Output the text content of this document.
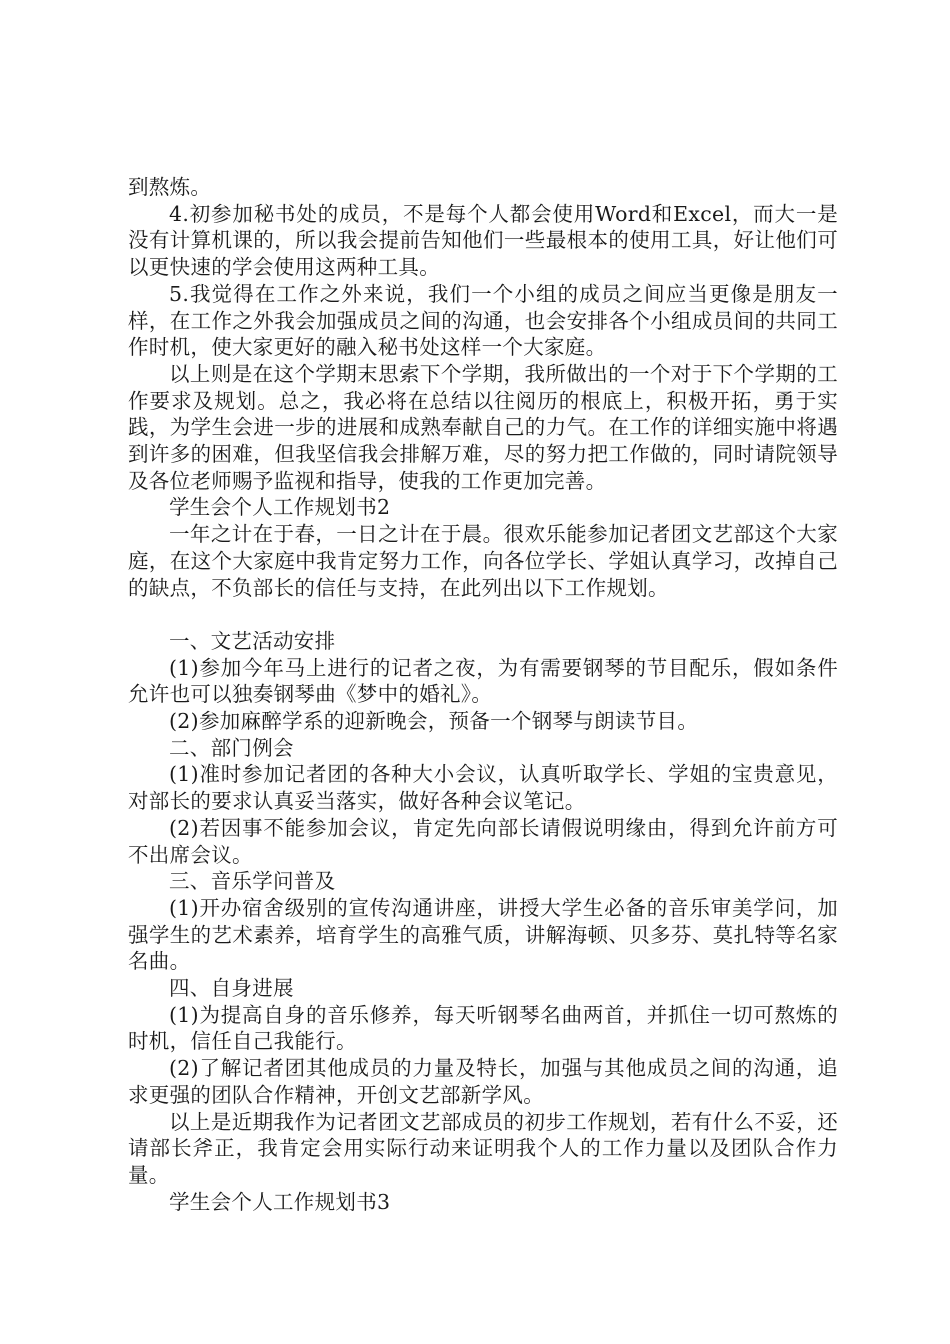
到熬炼。

4.初参加秘书处的成员，不是每个人都会使用Word和Excel，而大一是没有计算机课的，所以我会提前告知他们一些最根本的使用工具，好让他们可以更快速的学会使用这两种工具。

5.我觉得在工作之外来说，我们一个小组的成员之间应当更像是朋友一样，在工作之外我会加强成员之间的沟通，也会安排各个小组成员间的共同工作时机，使大家更好的融入秘书处这样一个大家庭。

以上则是在这个学期末思索下个学期，我所做出的一个对于下个学期的工作要求及规划。总之，我必将在总结以往阅历的根底上，积极开拓，勇于实践，为学生会进一步的进展和成熟奉献自己的力气。在工作的详细实施中将遇到许多的困难，但我坚信我会排解万难，尽的努力把工作做的，同时请院领导及各位老师赐予监视和指导，使我的工作更加完善。

学生会个人工作规划书2

一年之计在于春，一日之计在于晨。很欢乐能参加记者团文艺部这个大家庭，在这个大家庭中我肯定努力工作，向各位学长、学姐认真学习，改掉自己的缺点，不负部长的信任与支持，在此列出以下工作规划。

一、文艺活动安排

(1)参加今年马上进行的记者之夜，为有需要钢琴的节目配乐，假如条件允许也可以独奏钢琴曲《梦中的婚礼》。

(2)参加麻醉学系的迎新晚会，预备一个钢琴与朗读节目。

二、部门例会

(1)准时参加记者团的各种大小会议，认真听取学长、学姐的宝贵意见，对部长的要求认真妥当落实，做好各种会议笔记。

(2)若因事不能参加会议，肯定先向部长请假说明缘由，得到允许前方可不出席会议。

三、音乐学问普及

(1)开办宿舍级别的宣传沟通讲座，讲授大学生必备的音乐审美学问，加强学生的艺术素养，培育学生的高雅气质，讲解海顿、贝多芬、莫扎特等名家名曲。

四、自身进展

(1)为提高自身的音乐修养，每天听钢琴名曲两首，并抓住一切可熬炼的时机，信任自己我能行。

(2)了解记者团其他成员的力量及特长，加强与其他成员之间的沟通，追求更强的团队合作精神，开创文艺部新学风。

以上是近期我作为记者团文艺部成员的初步工作规划，若有什么不妥，还请部长斧正，我肯定会用实际行动来证明我个人的工作力量以及团队合作力量。

学生会个人工作规划书3
